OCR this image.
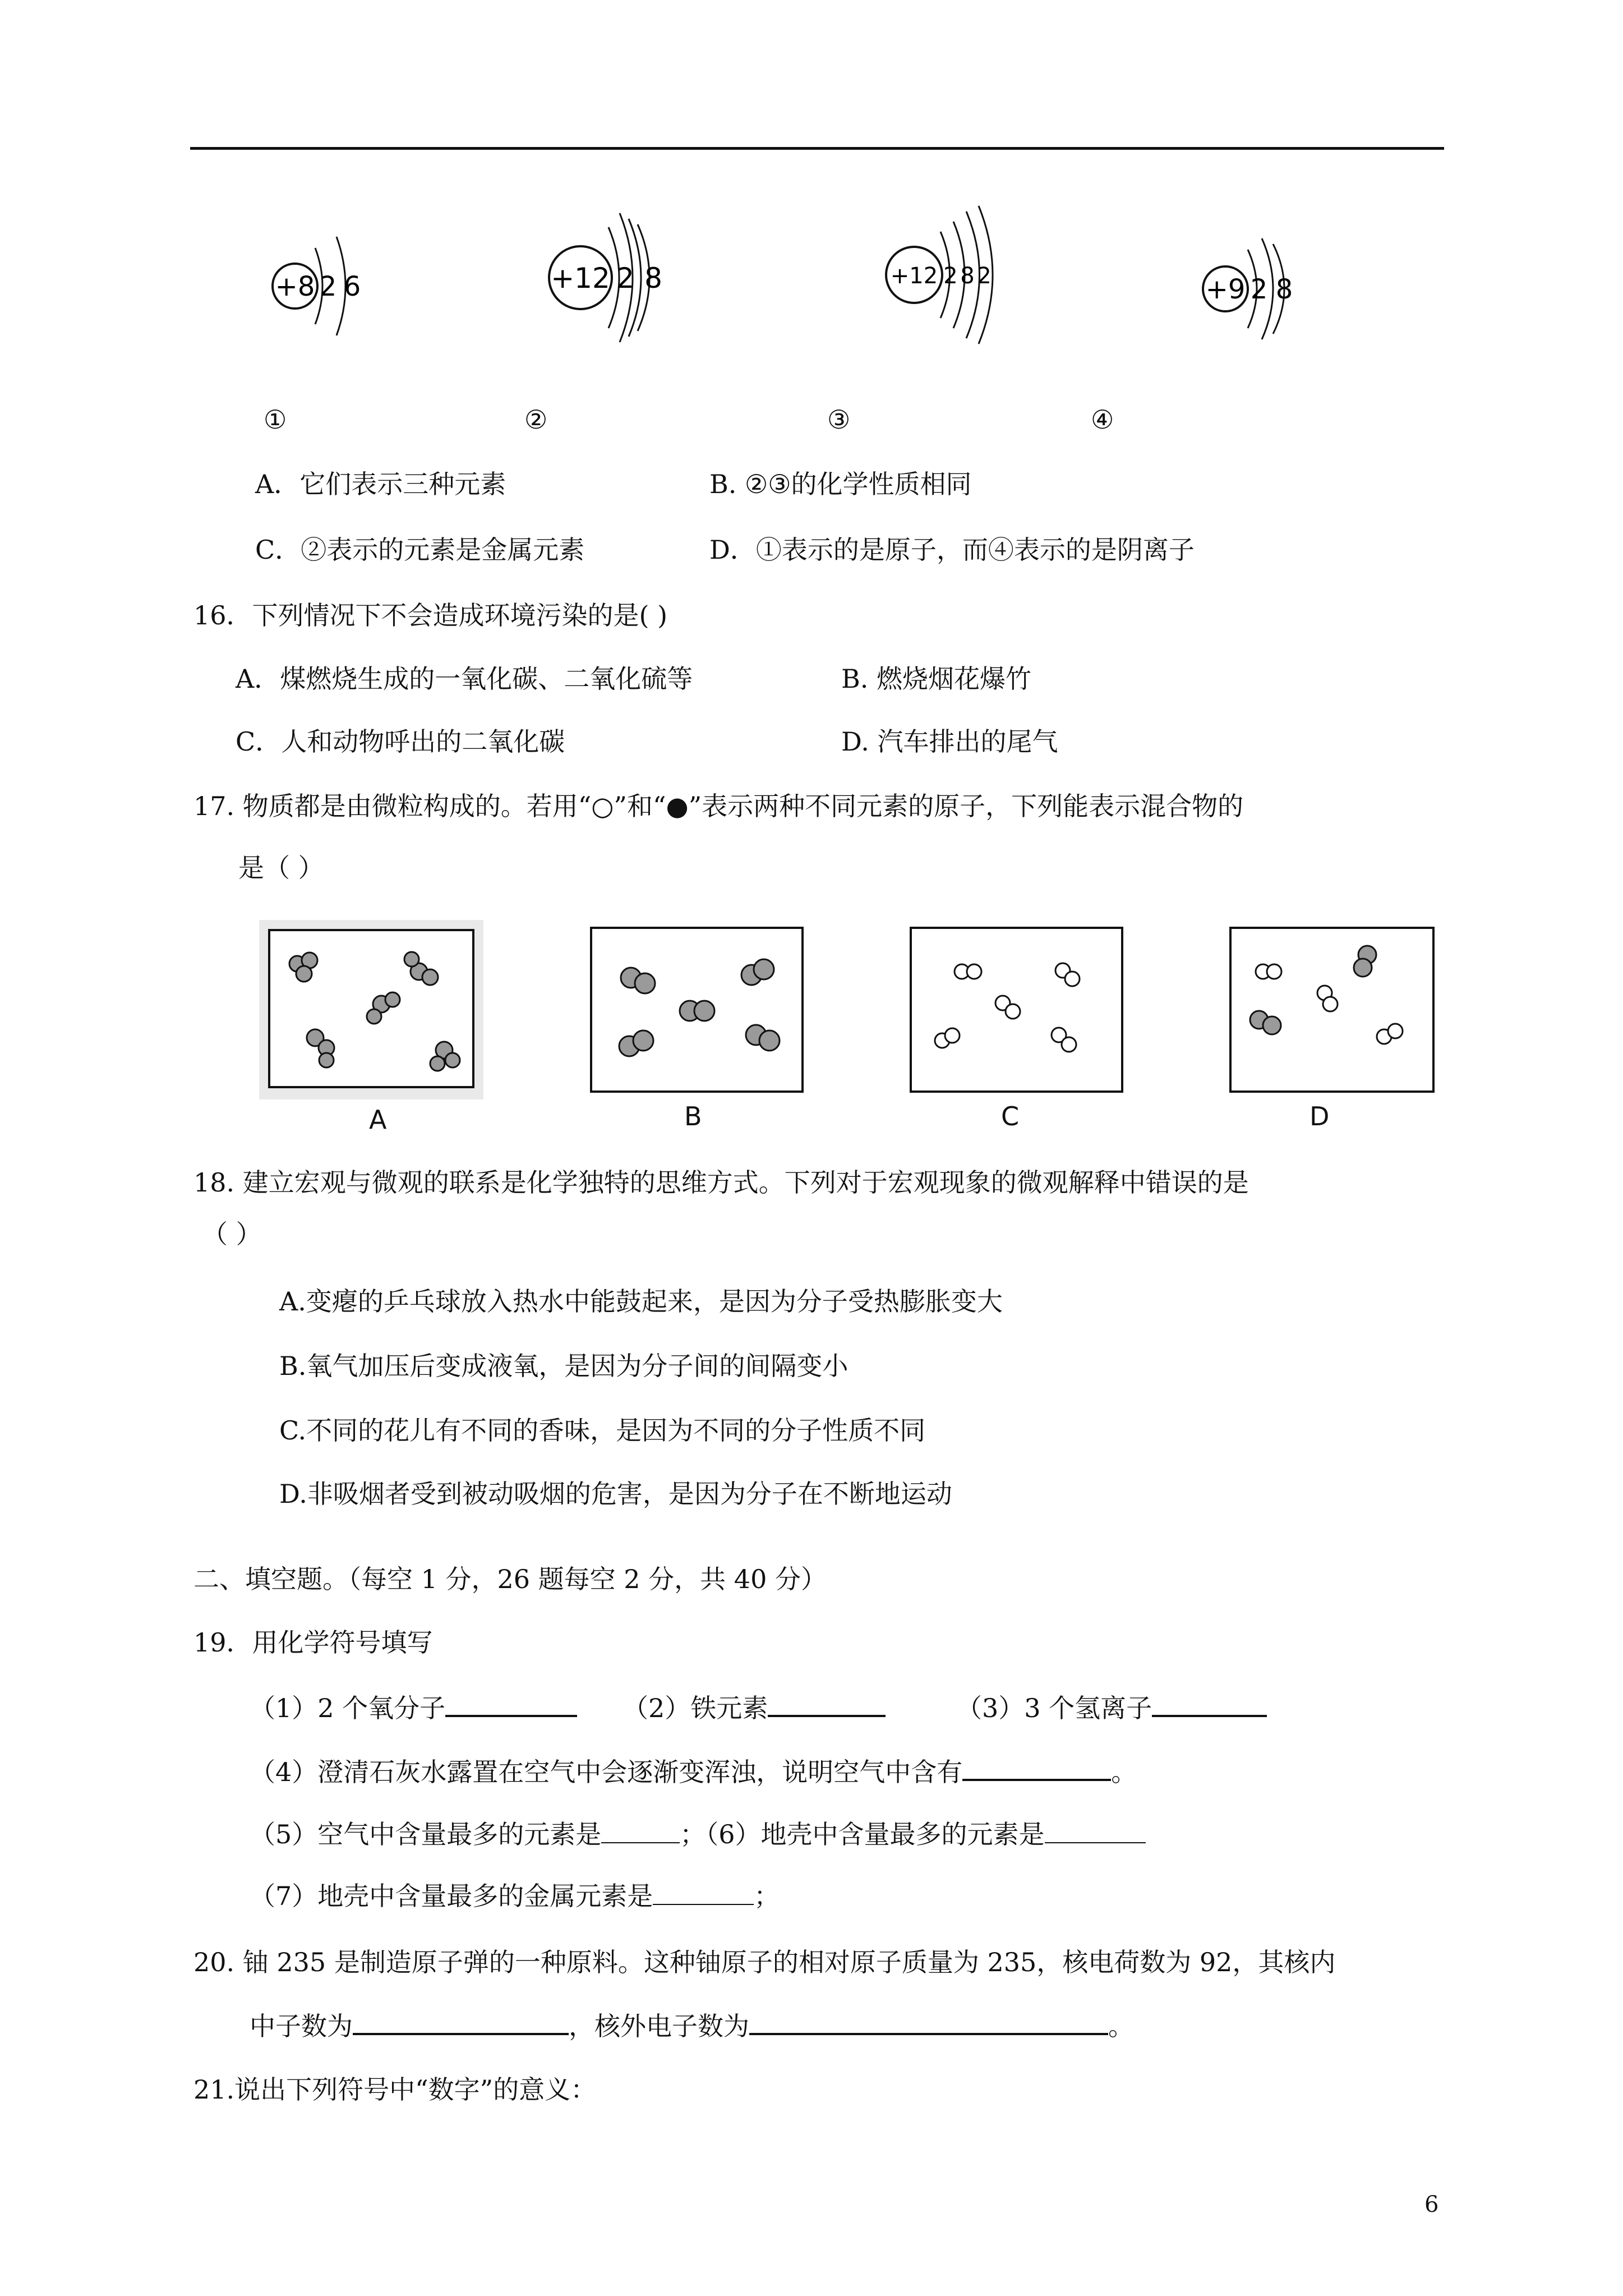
+8 2 6	+12 2 8	+12 2 8 2	+9 2 8
①	②	③	④
A．它们表示三种元素	B. ②③的化学性质相同
C．②表示的元素是金属元素	D．①表示的是原子，而④表示的是阴离子
16．下列情况下不会造成环境污染的是( )
A．煤燃烧生成的一氧化碳、二氧化硫等	B. 燃烧烟花爆竹
C．人和动物呼出的二氧化碳	D. 汽车排出的尾气
17. 物质都是由微粒构成的。若用“○”和“●”表示两种不同元素的原子，下列能表示混合物的
是（ ）
A	B	C	D
18. 建立宏观与微观的联系是化学独特的思维方式。下列对于宏观现象的微观解释中错误的是
（ ）
A.变瘪的乒乓球放入热水中能鼓起来，是因为分子受热膨胀变大
B.氧气加压后变成液氧，是因为分子间的间隔变小
C.不同的花儿有不同的香味，是因为不同的分子性质不同
D.非吸烟者受到被动吸烟的危害，是因为分子在不断地运动
二、填空题。（每空 1 分，26 题每空 2 分，共 40 分）
19．用化学符号填写
（1）2 个氧分子	（2）铁元素	（3）3 个氢离子
（4）澄清石灰水露置在空气中会逐渐变浑浊，说明空气中含有	。
（5）空气中含量最多的元素是	；（6）地壳中含量最多的元素是
（7）地壳中含量最多的金属元素是	；
20. 铀 235 是制造原子弹的一种原料。这种铀原子的相对原子质量为 235，核电荷数为 92，其核内
中子数为	，核外电子数为	。
21.说出下列符号中“数字”的意义：
6
